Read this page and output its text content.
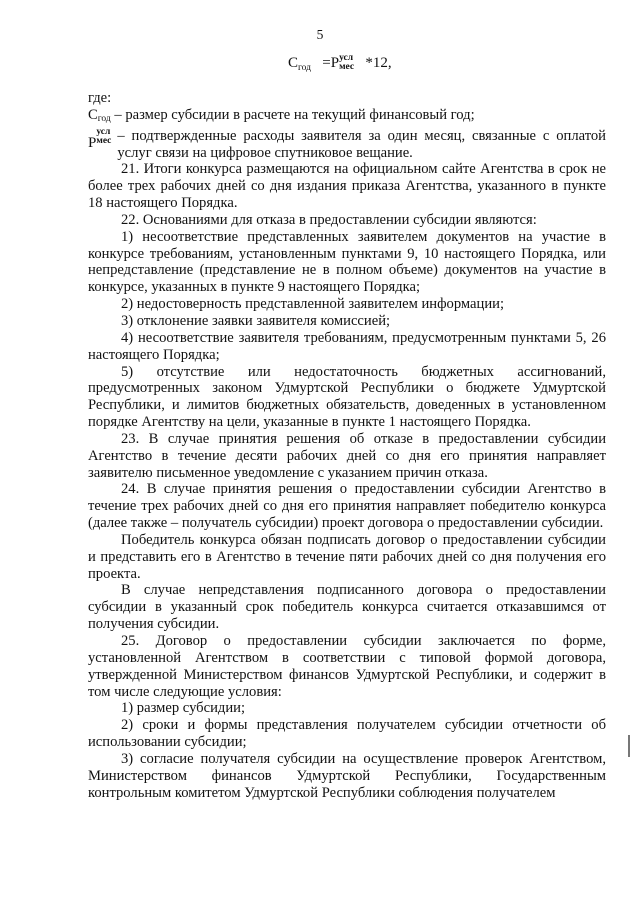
5
$С_{год} =Р$ усл
мес *12,

где:

$С_{год}$ – размер субсидии в расчете на текущий финансовый год;

Р
усл
мес – подтвержденные расходы заявителя за один месяц, связанные с оплатой услуг связи на цифровое спутниковое вещание.

21. Итоги конкурса размещаются на официальном сайте Агентства в срок не более трех рабочих дней со дня издания приказа Агентства, указанного в пункте 18 настоящего Порядка.

22. Основаниями для отказа в предоставлении субсидии являются:

1) несоответствие представленных заявителем документов на участие в конкурсе требованиям, установленным пунктами 9, 10 настоящего Порядка, или непредставление (представление не в полном объеме) документов на участие в конкурсе, указанных в пункте 9 настоящего Порядка;

2) недостоверность представленной заявителем информации;

3) отклонение заявки заявителя комиссией;

4) несоответствие заявителя требованиям, предусмотренным пунктами 5, 26 настоящего Порядка;

5) отсутствие или недостаточность бюджетных ассигнований, предусмотренных законом Удмуртской Республики о бюджете Удмуртской Республики, и лимитов бюджетных обязательств, доведенных в установленном порядке Агентству на цели, указанные в пункте 1 настоящего Порядка.

23. В случае принятия решения об отказе в предоставлении субсидии Агентство в течение десяти рабочих дней со дня его принятия направляет заявителю письменное уведомление с указанием причин отказа.

24. В случае принятия решения о предоставлении субсидии Агентство в течение трех рабочих дней со дня его принятия направляет победителю конкурса (далее также – получатель субсидии) проект договора о предоставлении субсидии.

Победитель конкурса обязан подписать договор о предоставлении субсидии и представить его в Агентство в течение пяти рабочих дней со дня получения его проекта.

В случае непредставления подписанного договора о предоставлении субсидии в указанный срок победитель конкурса считается отказавшимся от получения субсидии.

25. Договор о предоставлении субсидии заключается по форме, установленной Агентством в соответствии с типовой формой договора, утвержденной Министерством финансов Удмуртской Республики, и содержит в том числе следующие условия:

1) размер субсидии;

2) сроки и формы представления получателем субсидии отчетности об использовании субсидии;

3) согласие получателя субсидии на осуществление проверок Агентством, Министерством финансов Удмуртской Республики, Государственным контрольным комитетом Удмуртской Республики соблюдения получателем
